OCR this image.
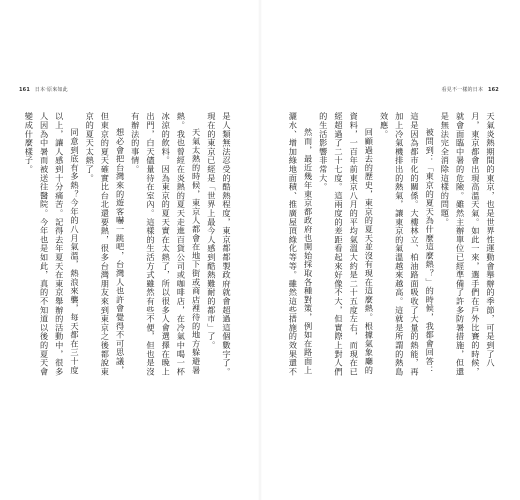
161 日本‧原來如此

是人類無法忍受的酷熱程度，東京都都製政府就會超過這個數字了。現在的東京已經是「世界上最今人感到酷熱難耐的都市」了。

天氣太熱的時候，東京人都會在地下街或商店裡待的地方躲避暑熱。我也曾經在炎熱的夏天走進百貨公司或咖啡店，在冷氣中喝一杯冰涼的飲料。因為東京的夏天實在太熱了，所以很多人會選擇在晚上出門，白天儘量待在室內。這樣的生活方式雖然有些不便，但也是沒有辦法的事情。

想必會把台灣來的遊客嚇一跳吧，台灣人也許會覺得不可思議，但東京的夏天確實比台北還要熱，很多台灣朋友來到東京之後都說東京的夏天太熱了。

同意到底有多熱？今年的八月氣溫，熱浪來襲，每天都在三十度以上，讓人感到十分痛苦。記得去年夏天在東京舉辦的活動中，很多人因為中暑而被送往醫院。今年也是如此，真的不知道以後的夏天會變成什麼樣子。

看見不一樣的日本 162

天氣炎熱期間的東京，也是世界性運動會舉辦的季節，可是到了八月，東京都會出現高溫天氣。如此一來，選手們在戶外比賽的時候，就會面臨中暑的危險。雖然主辦單位已經準備了許多防暑措施，但還是無法完全消除這樣的問題。

被問到：「東京的夏天為什麼這麼熱？」的時候，我都會回答：這是因為都市化的關係。大樓林立、柏油路面吸收了大量的熱能，再加上冷氣機排出的熱氣，讓東京的氣溫越來越高。這就是所謂的熱島效應。

回顧過去的歷史，東京的夏天並沒有現在這麼熱。根據氣象廳的資料，一百年前東京八月的平均氣溫大約是二十五度左右，而現在已經超過了二十七度。這兩度的差距看起來好像不大，但實際上對人們的生活影響非常大。

然而，最近幾年東京都政府也開始採取各種對策，例如在路面上灑水、增加綠地面積、推廣屋頂綠化等等。雖然這些措施的效果還不
